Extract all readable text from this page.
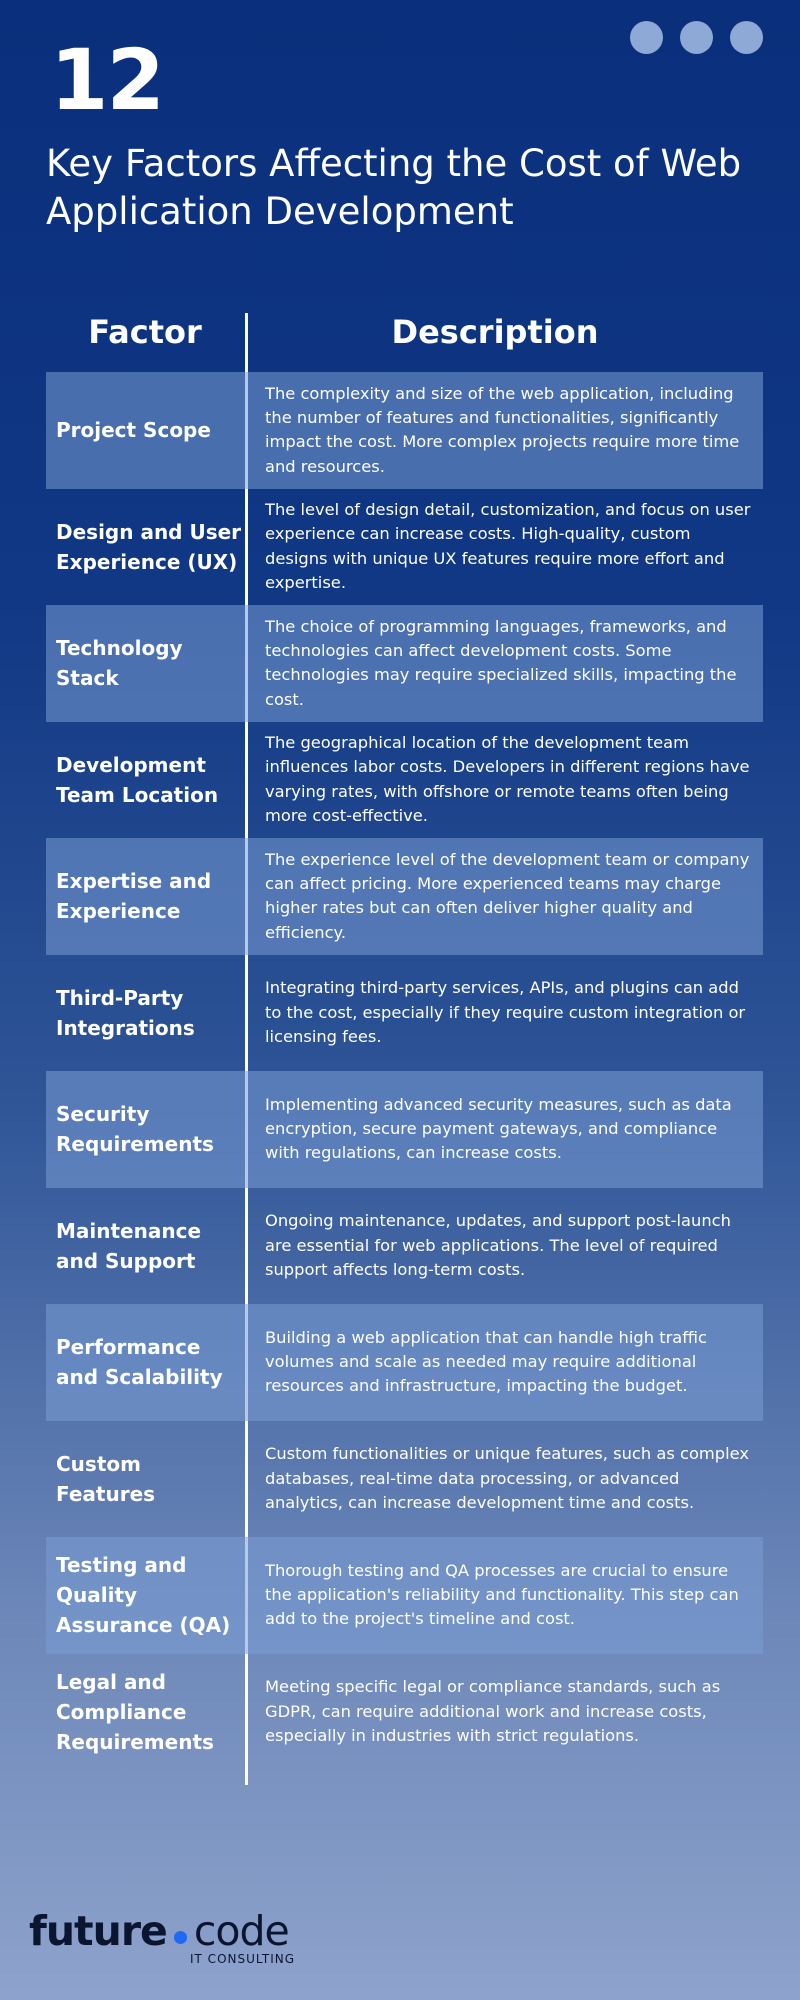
12
Key Factors Affecting the Cost of Web Application Development
Factor	Description
Project Scope
The complexity and size of the web application, including the number of features and functionalities, significantly impact the cost. More complex projects require more time and resources.
Design and User Experience (UX)
The level of design detail, customization, and focus on user experience can increase costs. High-quality, custom designs with unique UX features require more effort and expertise.
Technology Stack
The choice of programming languages, frameworks, and technologies can affect development costs. Some technologies may require specialized skills, impacting the cost.
Development Team Location
The geographical location of the development team influences labor costs. Developers in different regions have varying rates, with offshore or remote teams often being more cost-effective.
Expertise and Experience
The experience level of the development team or company can affect pricing. More experienced teams may charge higher rates but can often deliver higher quality and efficiency.
Third-Party Integrations
Integrating third-party services, APIs, and plugins can add to the cost, especially if they require custom integration or licensing fees.
Security Requirements
Implementing advanced security measures, such as data encryption, secure payment gateways, and compliance with regulations, can increase costs.
Maintenance and Support
Ongoing maintenance, updates, and support post-launch are essential for web applications. The level of required support affects long-term costs.
Performance and Scalability
Building a web application that can handle high traffic volumes and scale as needed may require additional resources and infrastructure, impacting the budget.
Custom Features
Custom functionalities or unique features, such as complex databases, real-time data processing, or advanced analytics, can increase development time and costs.
Testing and Quality Assurance (QA)
Thorough testing and QA processes are crucial to ensure the application's reliability and functionality. This step can add to the project's timeline and cost.
Legal and Compliance Requirements
Meeting specific legal or compliance standards, such as GDPR, can require additional work and increase costs, especially in industries with strict regulations.
future code
IT CONSULTING
